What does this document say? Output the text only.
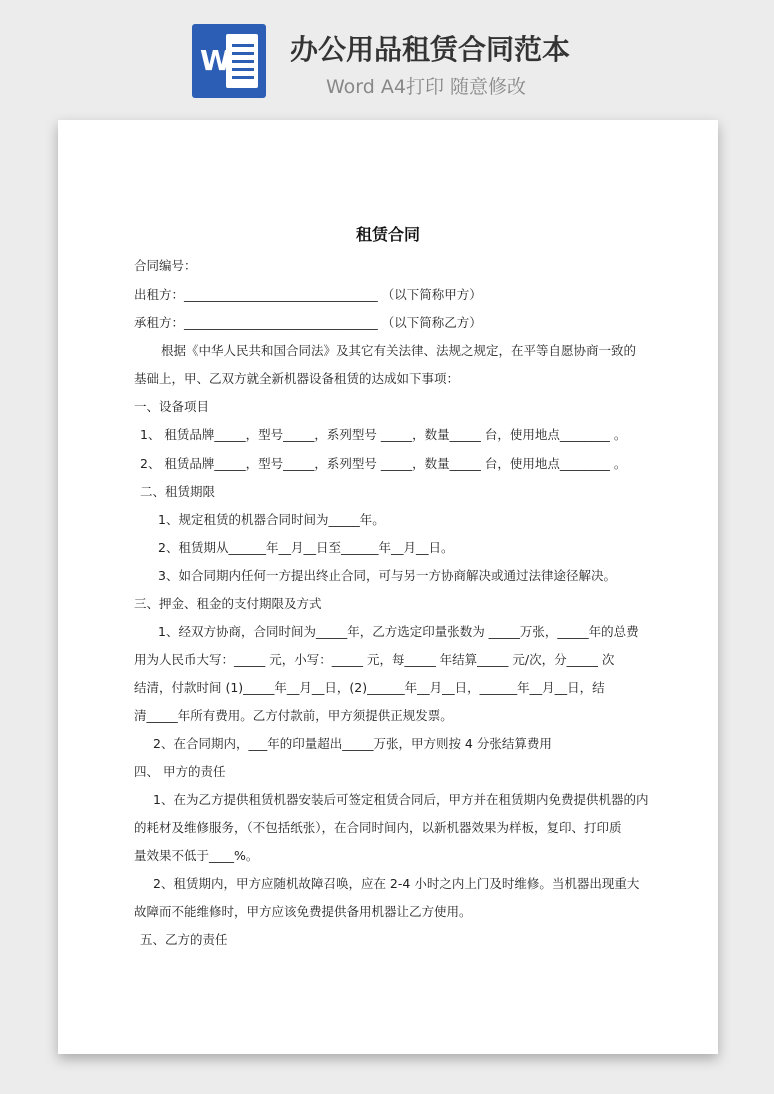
W 办公用品租赁合同范本
Word A4打印 随意修改
租赁合同
合同编号：
出租方：_______________________________ （以下简称甲方）
承租方：_______________________________ （以下简称乙方）
根据《中华人民共和国合同法》及其它有关法律、法规之规定，在平等自愿协商一致的
基础上，甲、乙双方就全新机器设备租赁的达成如下事项：
一、设备项目
1、 租赁品牌_____，型号_____，系列型号 _____，数量_____ 台，使用地点________ 。
2、 租赁品牌_____，型号_____，系列型号 _____，数量_____ 台，使用地点________ 。
二、租赁期限
1、规定租赁的机器合同时间为_____年。
2、租赁期从______年__月__日至______年__月__日。
3、如合同期内任何一方提出终止合同，可与另一方协商解决或通过法律途径解决。
三、押金、租金的支付期限及方式
1、经双方协商，合同时间为_____年，乙方选定印量张数为 _____万张，_____年的总费
用为人民币大写：_____ 元，小写：_____ 元，每_____ 年结算_____ 元/次，分_____ 次
结清，付款时间 (1)_____年__月__日，(2)______年__月__日，______年__月__日，结
清_____年所有费用。乙方付款前，甲方须提供正规发票。
2、在合同期内，___年的印量超出_____万张，甲方则按 4 分张结算费用
四、 甲方的责任
1、在为乙方提供租赁机器安装后可签定租赁合同后，甲方并在租赁期内免费提供机器的内
的耗材及维修服务，（不包括纸张），在合同时间内，以新机器效果为样板，复印、打印质
量效果不低于____%。
2、租赁期内，甲方应随机故障召唤，应在 2-4 小时之内上门及时维修。当机器出现重大
故障而不能维修时，甲方应该免费提供备用机器让乙方使用。
五、乙方的责任
